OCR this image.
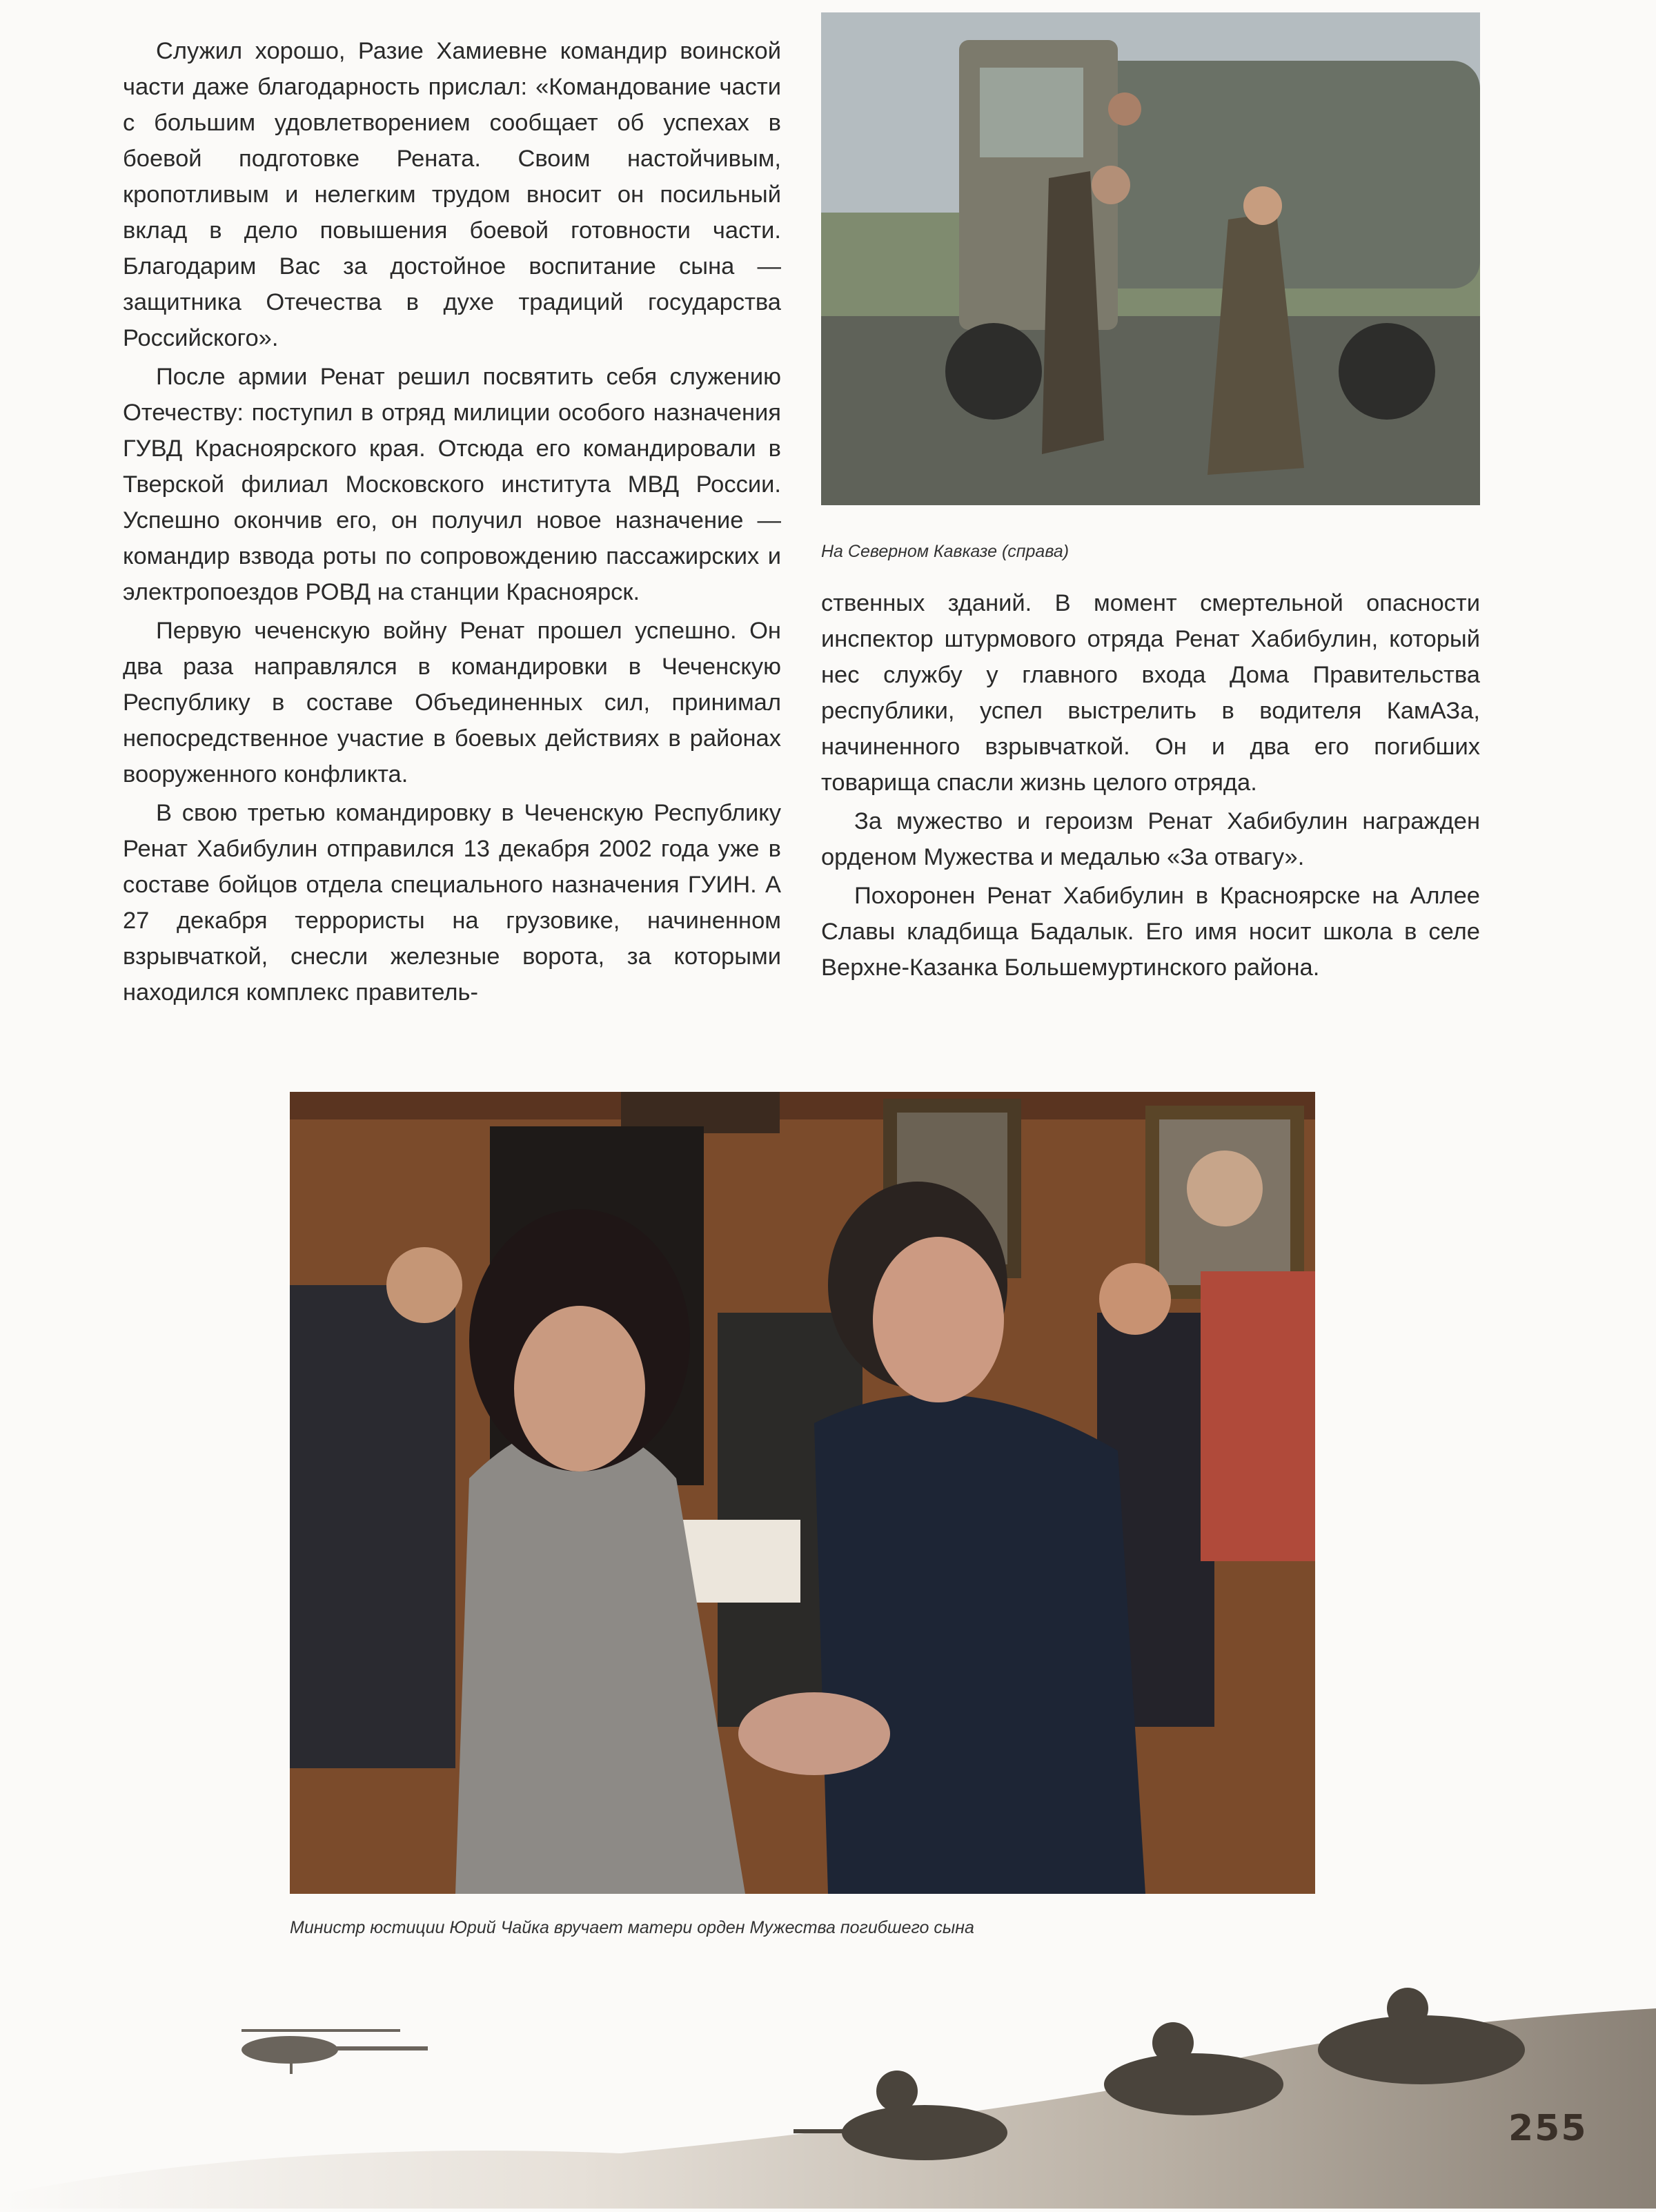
Служил хорошо, Разие Хамиевне командир воинской части даже благодарность прислал: «Командование части с большим удовлетворением сообщает об успехах в боевой подготовке Рената. Своим настойчивым, кропотливым и нелегким трудом вносит он посильный вклад в дело повышения боевой готовности части. Благодарим Вас за достойное воспитание сына — защитника Отечества в духе традиций государства Российского».

После армии Ренат решил посвятить себя служению Отечеству: поступил в отряд милиции особого назначения ГУВД Красноярского края. Отсюда его командировали в Тверской филиал Московского института МВД России. Успешно окончив его, он получил новое назначение — командир взвода роты по сопровождению пассажирских и электропоездов РОВД на станции Красноярск.

Первую чеченскую войну Ренат прошел успешно. Он два раза направлялся в командировки в Чеченскую Республику в составе Объединенных сил, принимал непосредственное участие в боевых действиях в районах вооруженного конфликта.

В свою третью командировку в Чеченскую Республику Ренат Хабибулин отправился 13 декабря 2002 года уже в составе бойцов отдела специального назначения ГУИН. А 27 декабря террористы на грузовике, начиненном взрывчаткой, снесли железные ворота, за которыми находился комплекс правитель-

На Северном Кавказе (справа)

ственных зданий. В момент смертельной опасности инспектор штурмового отряда Ренат Хабибулин, который нес службу у главного входа Дома Правительства республики, успел выстрелить в водителя КамАЗа, начиненного взрывчаткой. Он и два его погибших товарища спасли жизнь целого отряда.

За мужество и героизм Ренат Хабибулин награжден орденом Мужества и медалью «За отвагу».

Похоронен Ренат Хабибулин в Красноярске на Аллее Славы кладбища Бадалык. Его имя носит школа в селе Верхне-Казанка Большемуртинского района.

Министр юстиции Юрий Чайка вручает матери орден Мужества погибшего сына
255
